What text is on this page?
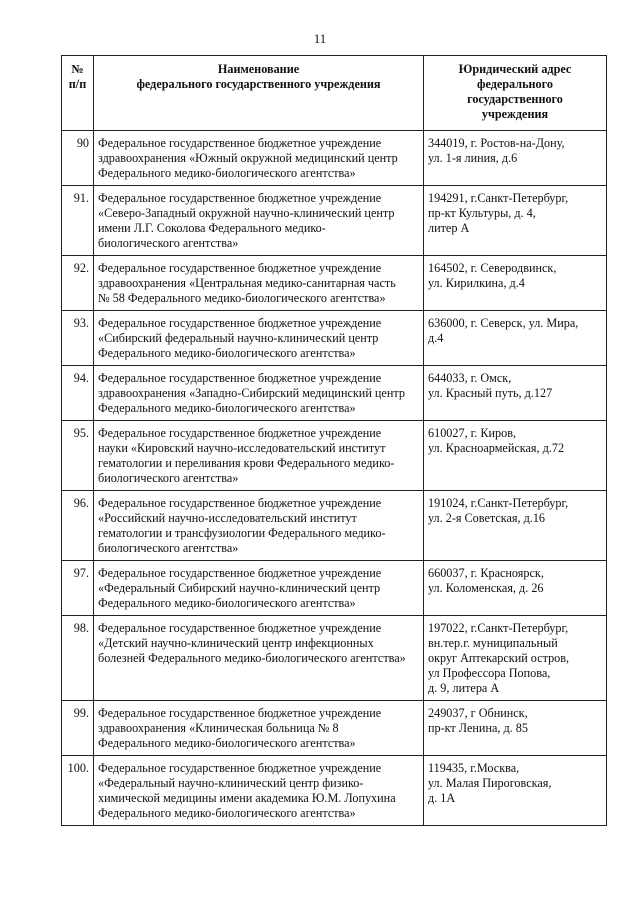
11
№
п/п	Наименование
федерального государственного учреждения	Юридический адрес
федерального
государственного
учреждения
90	Федеральное государственное бюджетное учреждение
здравоохранения «Южный окружной медицинский центр
Федерального медико-биологического агентства»	344019, г. Ростов-на-Дону,
ул. 1-я линия, д.6
91.	Федеральное государственное бюджетное учреждение
«Северо-Западный окружной научно-клинический центр
имени Л.Г. Соколова Федерального медико-
биологического агентства»	194291, г.Санкт-Петербург,
пр-кт Культуры, д. 4,
литер А
92.	Федеральное государственное бюджетное учреждение
здравоохранения «Центральная медико-санитарная часть
№ 58 Федерального медико-биологического агентства»	164502, г. Северодвинск,
ул. Кирилкина, д.4
93.	Федеральное государственное бюджетное учреждение
«Сибирский федеральный научно-клинический центр
Федерального медико-биологического агентства»	636000, г. Северск, ул. Мира,
д.4
94.	Федеральное государственное бюджетное учреждение
здравоохранения «Западно-Сибирский медицинский центр
Федерального медико-биологического агентства»	644033, г. Омск,
ул. Красный путь, д.127
95.	Федеральное государственное бюджетное учреждение
науки «Кировский научно-исследовательский институт
гематологии и переливания крови Федерального медико-
биологического агентства»	610027, г. Киров,
ул. Красноармейская, д.72
96.	Федеральное государственное бюджетное учреждение
«Российский научно-исследовательский институт
гематологии и трансфузиологии Федерального медико-
биологического агентства»	191024, г.Санкт-Петербург,
ул. 2-я Советская, д.16
97.	Федеральное государственное бюджетное учреждение
«Федеральный Сибирский научно-клинический центр
Федерального медико-биологического агентства»	660037, г. Красноярск,
ул. Коломенская, д. 26
98.	Федеральное государственное бюджетное учреждение
«Детский научно-клинический центр инфекционных
болезней Федерального медико-биологического агентства»	197022, г.Санкт-Петербург,
вн.тер.г. муниципальный
округ Аптекарский остров,
ул Профессора Попова,
д. 9, литера А
99.	Федеральное государственное бюджетное учреждение
здравоохранения «Клиническая больница № 8
Федерального медико-биологического агентства»	249037, г Обнинск,
пр-кт Ленина, д. 85
100.	Федеральное государственное бюджетное учреждение
«Федеральный научно-клинический центр физико-
химической медицины имени академика Ю.М. Лопухина
Федерального медико-биологического агентства»	119435, г.Москва,
ул. Малая Пироговская,
д. 1А
